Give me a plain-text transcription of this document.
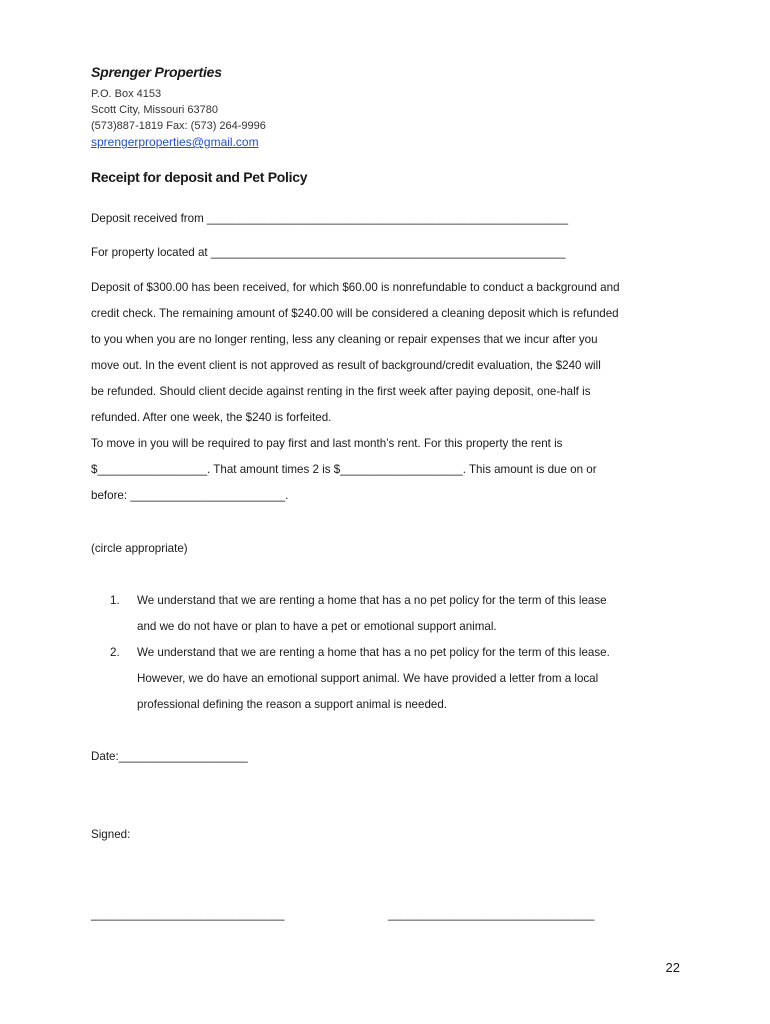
Sprenger Properties
P.O. Box 4153
Scott City, Missouri 63780
(573)887-1819 Fax: (573) 264-9996
sprengerproperties@gmail.com
Receipt for deposit and Pet Policy
Deposit received from ________________________________________________________
For property located at _______________________________________________________
Deposit of $300.00 has been received, for which $60.00 is nonrefundable to conduct a background and
credit check. The remaining amount of $240.00 will be considered a cleaning deposit which is refunded
to you when you are no longer renting, less any cleaning or repair expenses that we incur after you
move out. In the event client is not approved as result of background/credit evaluation, the $240 will
be refunded. Should client decide against renting in the first week after paying deposit, one-half is
refunded. After one week, the $240 is forfeited.
To move in you will be required to pay first and last month’s rent. For this property the rent is
$_________________. That amount times 2 is $___________________. This amount is due on or
before: ________________________.
(circle appropriate)
1. We understand that we are renting a home that has a no pet policy for the term of this lease
and we do not have or plan to have a pet or emotional support animal.
2. We understand that we are renting a home that has a no pet policy for the term of this lease.
However, we do have an emotional support animal. We have provided a letter from a local
professional defining the reason a support animal is needed.
Date:____________________
Signed:
______________________________	________________________________
22
